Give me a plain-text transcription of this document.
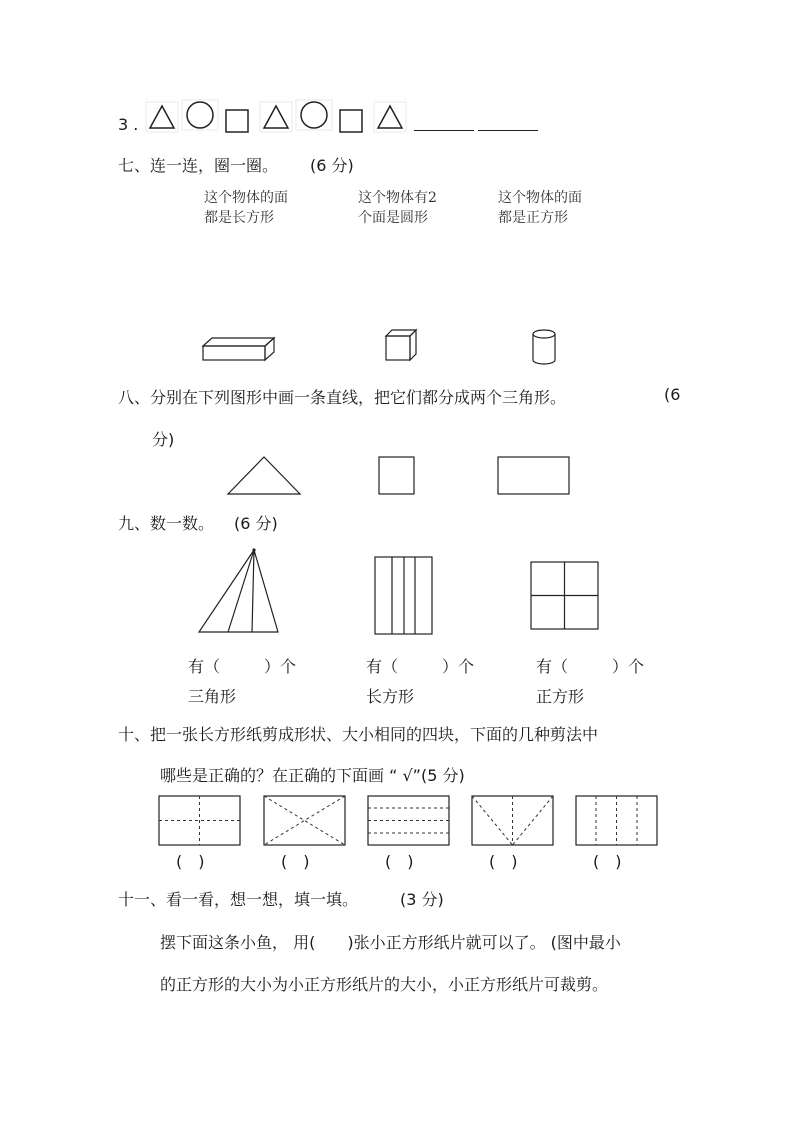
3 .
七、连一连，圈一圈。 (6 分)
这个物体的面
都是长方形
这个物体有2
个面是圆形
这个物体的面
都是正方形
八、分别在下列图形中画一条直线，把它们都分成两个三角形。	(6
分)
九、数一数。 (6 分)
有（	）个
三角形
有（	）个
长方形
有（	）个
正方形
十、把一张长方形纸剪成形状、大小相同的四块，下面的几种剪法中
哪些是正确的？在正确的下面画 “ √”(5 分)
(　)	(　)	(　)	(　)	(　)
十一、看一看，想一想，填一填。	(3 分)
摆下面这条小鱼， 用(　　)张小正方形纸片就可以了。 (图中最小
的正方形的大小为小正方形纸片的大小，小正方形纸片可裁剪。
